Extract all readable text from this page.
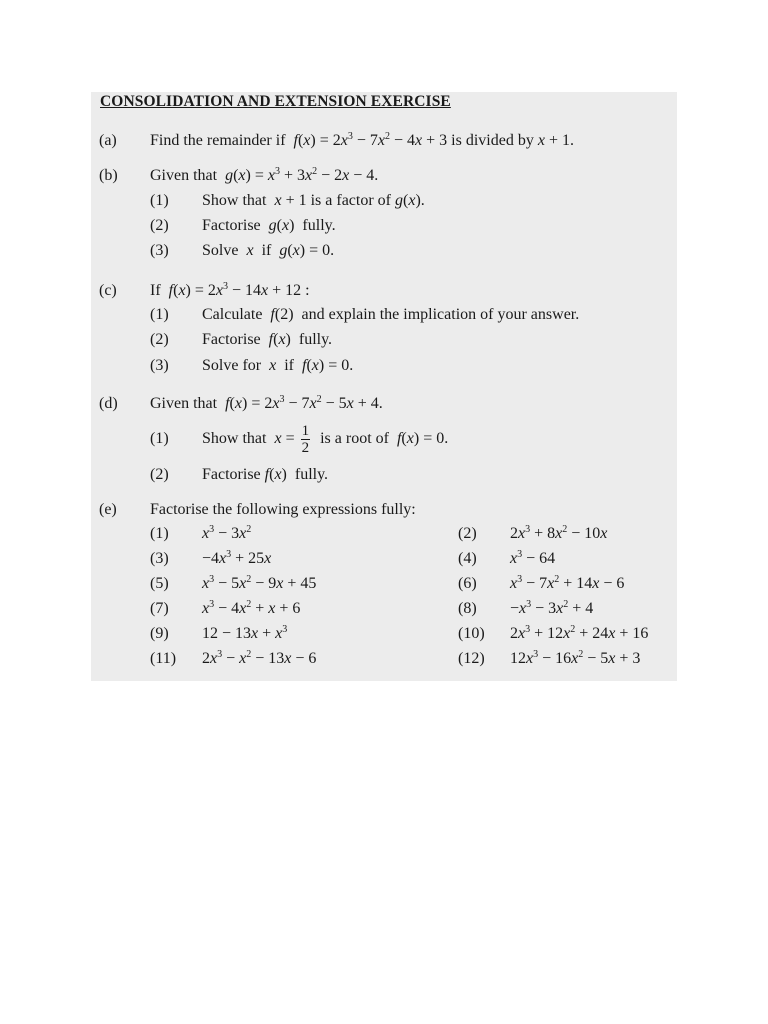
CONSOLIDATION AND EXTENSION EXERCISE
(a) Find the remainder if  $f(x) = 2x^3 - 7x^2 - 4x + 3$ is divided by x + 1.
(b) Given that  $g(x) = x^3 + 3x^2 - 2x - 4$.
(1) Show that  x + 1 is a factor of g(x).
(2) Factorise  g(x)  fully.
(3) Solve  x  if  g(x) = 0.
(c) If  $f(x) = 2x^3 - 14x + 12$ :
(1) Calculate  f(2)  and explain the implication of your answer.
(2) Factorise  f(x)  fully.
(3) Solve for  x  if  f(x) = 0.
(d) Given that  $f(x) = 2x^3 - 7x^2 - 5x + 4$.
(1) Show that  $x = \frac{1}{2}$ is a root of  f(x) = 0.
(2) Factorise f(x)  fully.
(e) Factorise the following expressions fully:
(1) $x^3 - 3x^2$	(2) $2x^3 + 8x^2 - 10x$
$(3) -4x^3 + 25x$	(4) $x^3 - 64$
(5) $x^3 - 5x^2 - 9x + 45$	(6) $x^3 - 7x^2 + 14x - 6$
(7) $x^3 - 4x^2 + x + 6$	$(8) -x^3 - 3x^2 + 4$
(9) $12 - 13x + x^3$	(10) $2x^3 + 12x^2 + 24x + 16$
(11) $2x^3 - x^2 - 13x - 6$	(12) $12x^3 - 16x^2 - 5x + 3$
